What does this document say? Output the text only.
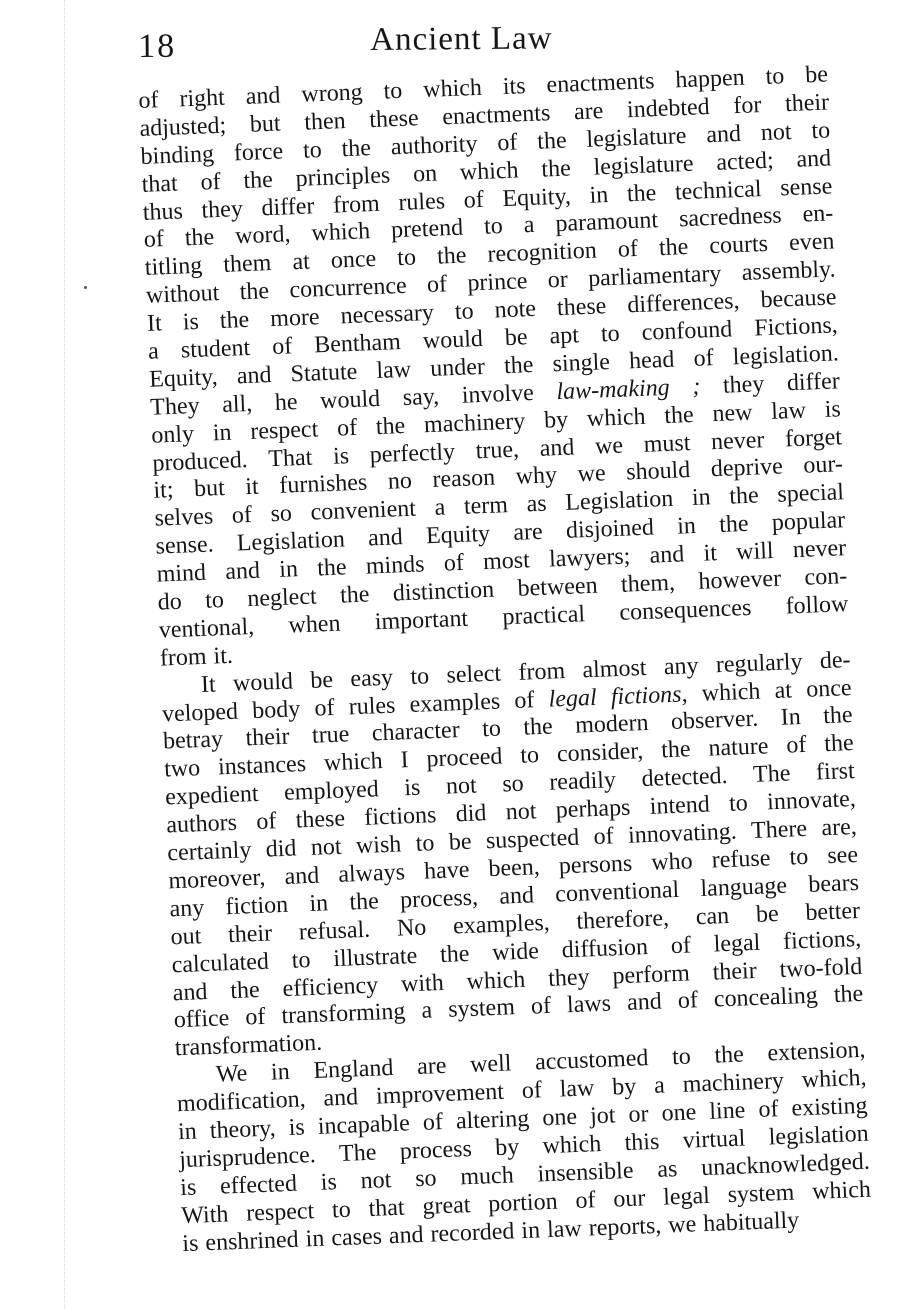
18	Ancient Law
of right and wrong to which its enactments happen to be
adjusted; but then these enactments are indebted for their
binding force to the authority of the legislature and not to
that of the principles on which the legislature acted; and
thus they differ from rules of Equity, in the technical sense
of the word, which pretend to a paramount sacredness en-
titling them at once to the recognition of the courts even
without the concurrence of prince or parliamentary assembly.
It is the more necessary to note these differences, because
a student of Bentham would be apt to confound Fictions,
Equity, and Statute law under the single head of legislation.
They all, he would say, involve law-making ; they differ
only in respect of the machinery by which the new law is
produced. That is perfectly true, and we must never forget
it; but it furnishes no reason why we should deprive our-
selves of so convenient a term as Legislation in the special
sense. Legislation and Equity are disjoined in the popular
mind and in the minds of most lawyers; and it will never
do to neglect the distinction between them, however con-
ventional, when important practical consequences follow
from it.
It would be easy to select from almost any regularly de-
veloped body of rules examples of legal fictions, which at once
betray their true character to the modern observer. In the
two instances which I proceed to consider, the nature of the
expedient employed is not so readily detected. The first
authors of these fictions did not perhaps intend to innovate,
certainly did not wish to be suspected of innovating. There are,
moreover, and always have been, persons who refuse to see
any fiction in the process, and conventional language bears
out their refusal. No examples, therefore, can be better
calculated to illustrate the wide diffusion of legal fictions,
and the efficiency with which they perform their two-fold
office of transforming a system of laws and of concealing the
transformation.
We in England are well accustomed to the extension,
modification, and improvement of law by a machinery which,
in theory, is incapable of altering one jot or one line of existing
jurisprudence. The process by which this virtual legislation
is effected is not so much insensible as unacknowledged.
With respect to that great portion of our legal system which
is enshrined in cases and recorded in law reports, we habitually
